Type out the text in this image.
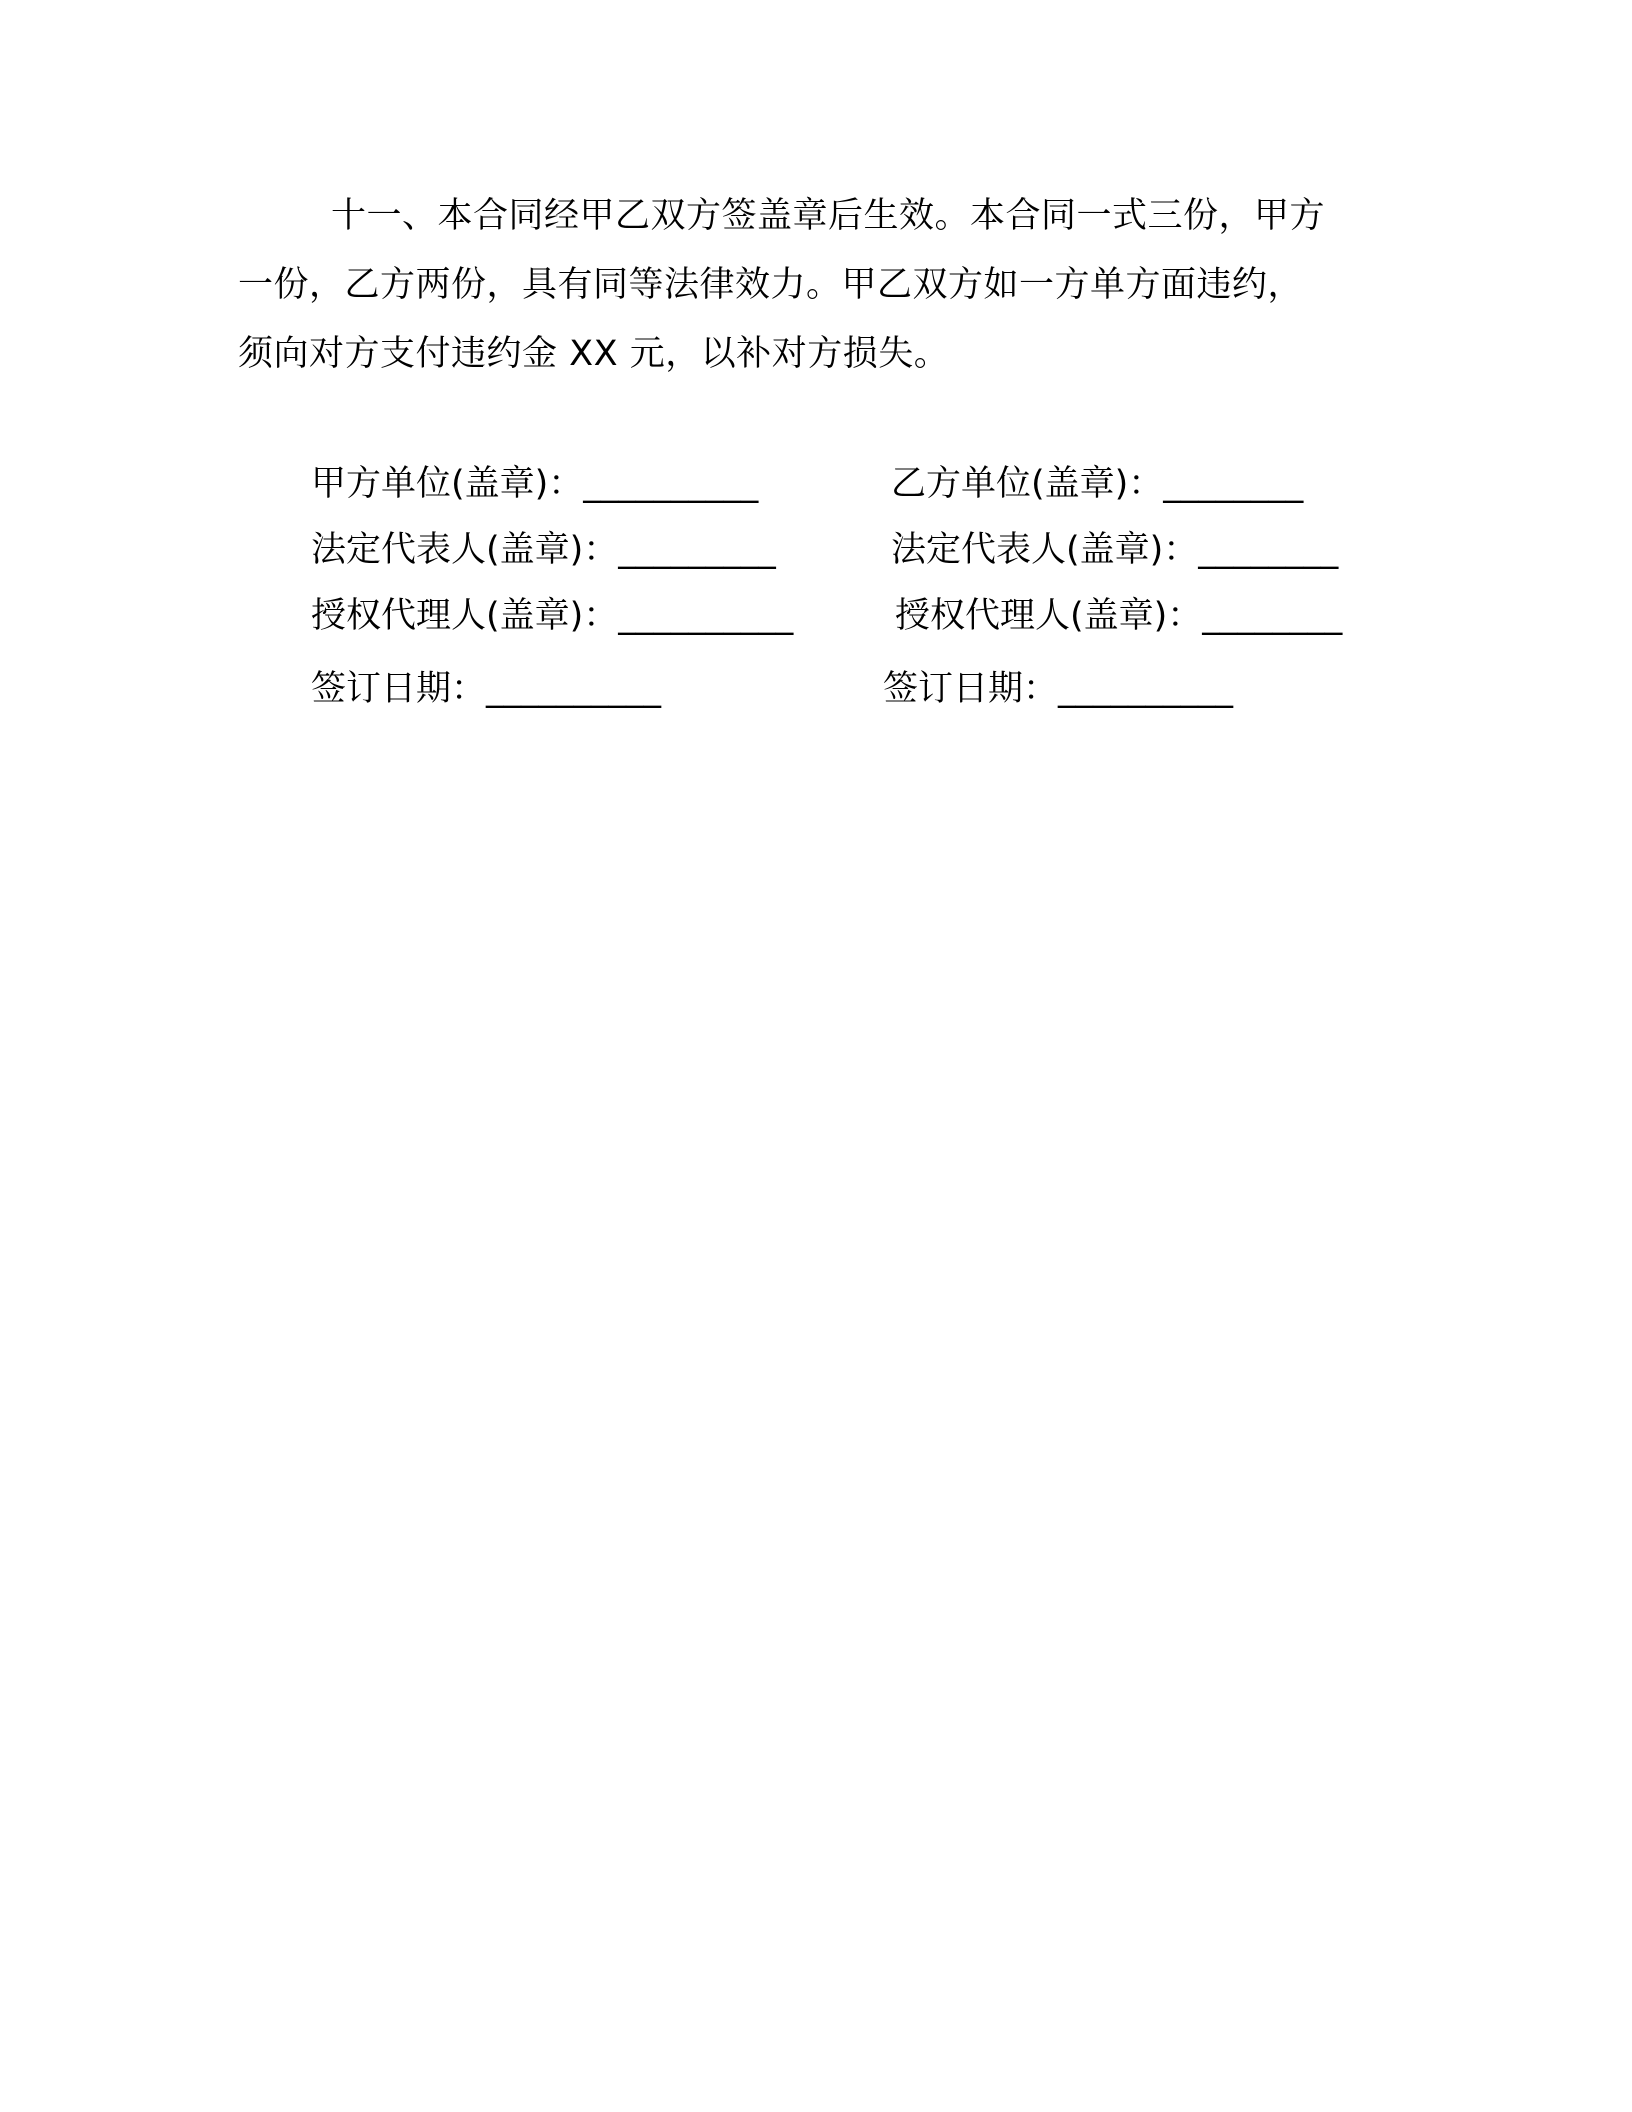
十一、本合同经甲乙双方签盖章后生效。本合同一式三份，甲方
一份，乙方两份，具有同等法律效力。甲乙双方如一方单方面违约，
须向对方支付违约金 XX 元，以补对方损失。
甲方单位(盖章)：__________
法定代表人(盖章)：_________
授权代理人(盖章)：__________
签订日期：__________
乙方单位(盖章)：________
法定代表人(盖章)：________
授权代理人(盖章)：________
签订日期：__________
